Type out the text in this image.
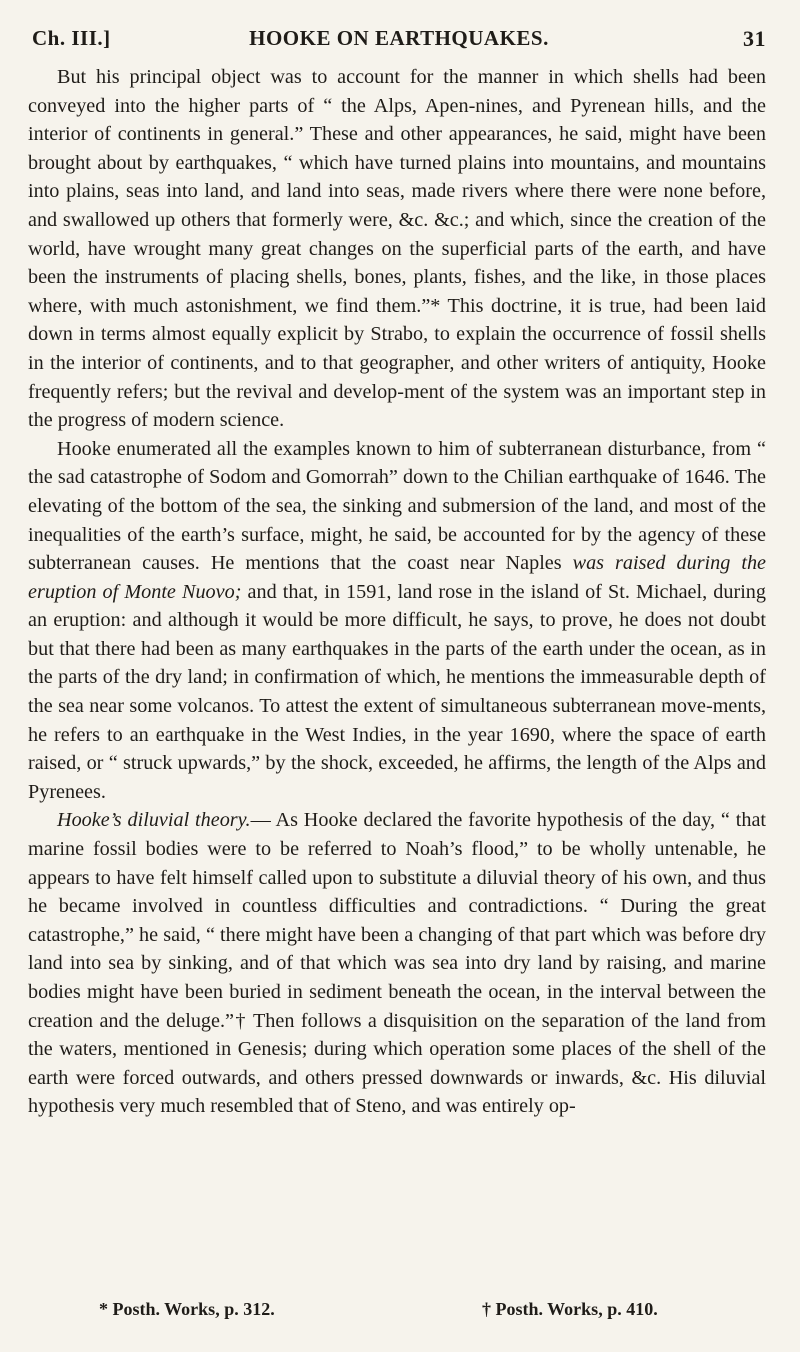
Ch. III.]	HOOKE ON EARTHQUAKES.	31

But his principal object was to account for the manner in which shells had been conveyed into the higher parts of “ the Alps, Apen-nines, and Pyrenean hills, and the interior of continents in general.” These and other appearances, he said, might have been brought about by earthquakes, “ which have turned plains into mountains, and mountains into plains, seas into land, and land into seas, made rivers where there were none before, and swallowed up others that formerly were, &c. &c.; and which, since the creation of the world, have wrought many great changes on the superficial parts of the earth, and have been the instruments of placing shells, bones, plants, fishes, and the like, in those places where, with much astonishment, we find them.”* This doctrine, it is true, had been laid down in terms almost equally explicit by Strabo, to explain the occurrence of fossil shells in the interior of continents, and to that geographer, and other writers of antiquity, Hooke frequently refers; but the revival and develop-ment of the system was an important step in the progress of modern science.

Hooke enumerated all the examples known to him of subterranean disturbance, from “ the sad catastrophe of Sodom and Gomorrah” down to the Chilian earthquake of 1646. The elevating of the bottom of the sea, the sinking and submersion of the land, and most of the inequalities of the earth’s surface, might, he said, be accounted for by the agency of these subterranean causes. He mentions that the coast near Naples was raised during the eruption of Monte Nuovo; and that, in 1591, land rose in the island of St. Michael, during an eruption: and although it would be more difficult, he says, to prove, he does not doubt but that there had been as many earthquakes in the parts of the earth under the ocean, as in the parts of the dry land; in confirmation of which, he mentions the immeasurable depth of the sea near some volcanos. To attest the extent of simultaneous subterranean move-ments, he refers to an earthquake in the West Indies, in the year 1690, where the space of earth raised, or “ struck upwards,” by the shock, exceeded, he affirms, the length of the Alps and Pyrenees.

Hooke’s diluvial theory.— As Hooke declared the favorite hypothesis of the day, “ that marine fossil bodies were to be referred to Noah’s flood,” to be wholly untenable, he appears to have felt himself called upon to substitute a diluvial theory of his own, and thus he became involved in countless difficulties and contradictions. “ During the great catastrophe,” he said, “ there might have been a changing of that part which was before dry land into sea by sinking, and of that which was sea into dry land by raising, and marine bodies might have been buried in sediment beneath the ocean, in the interval between the creation and the deluge.”† Then follows a disquisition on the separation of the land from the waters, mentioned in Genesis; during which operation some places of the shell of the earth were forced outwards, and others pressed downwards or inwards, &c. His diluvial hypothesis very much resembled that of Steno, and was entirely op-

* Posth. Works, p. 312.	† Posth. Works, p. 410.
